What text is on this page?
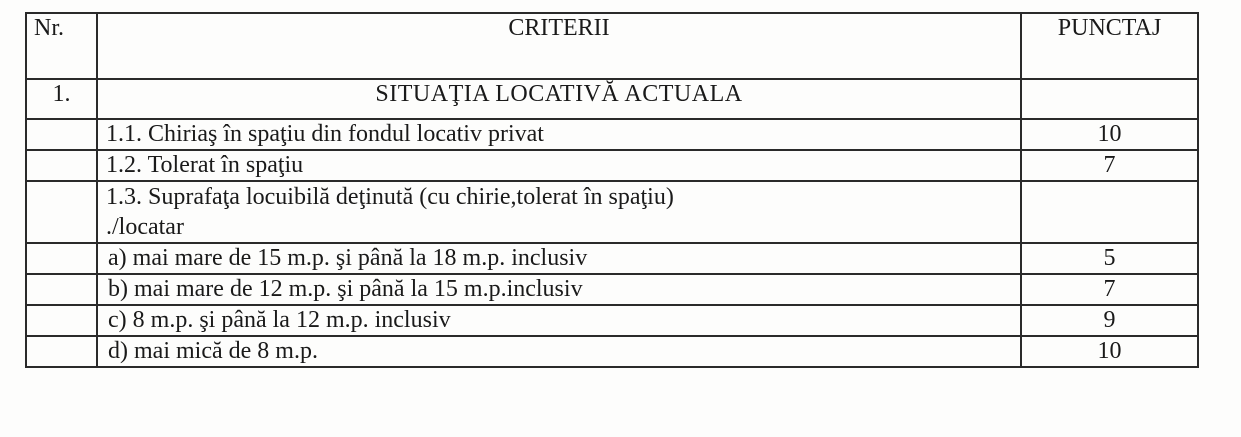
Nr.	CRITERII	PUNCTAJ
1.	SITUAŢIA LOCATIVĂ ACTUALA	
	1.1. Chiriaş în spaţiu din fondul locativ privat	10
	1.2. Tolerat în spaţiu	7

	1.3. Suprafaţa locuibilă deţinută (cu chirie,tolerat în spaţiu)
./locatar	

	a) mai mare de 15 m.p. şi până la 18 m.p. inclusiv	5
	b) mai mare de 12 m.p. şi până la 15 m.p.inclusiv	7
	c) 8 m.p. şi până la 12 m.p. inclusiv	9
	d) mai mică de 8 m.p.	10
